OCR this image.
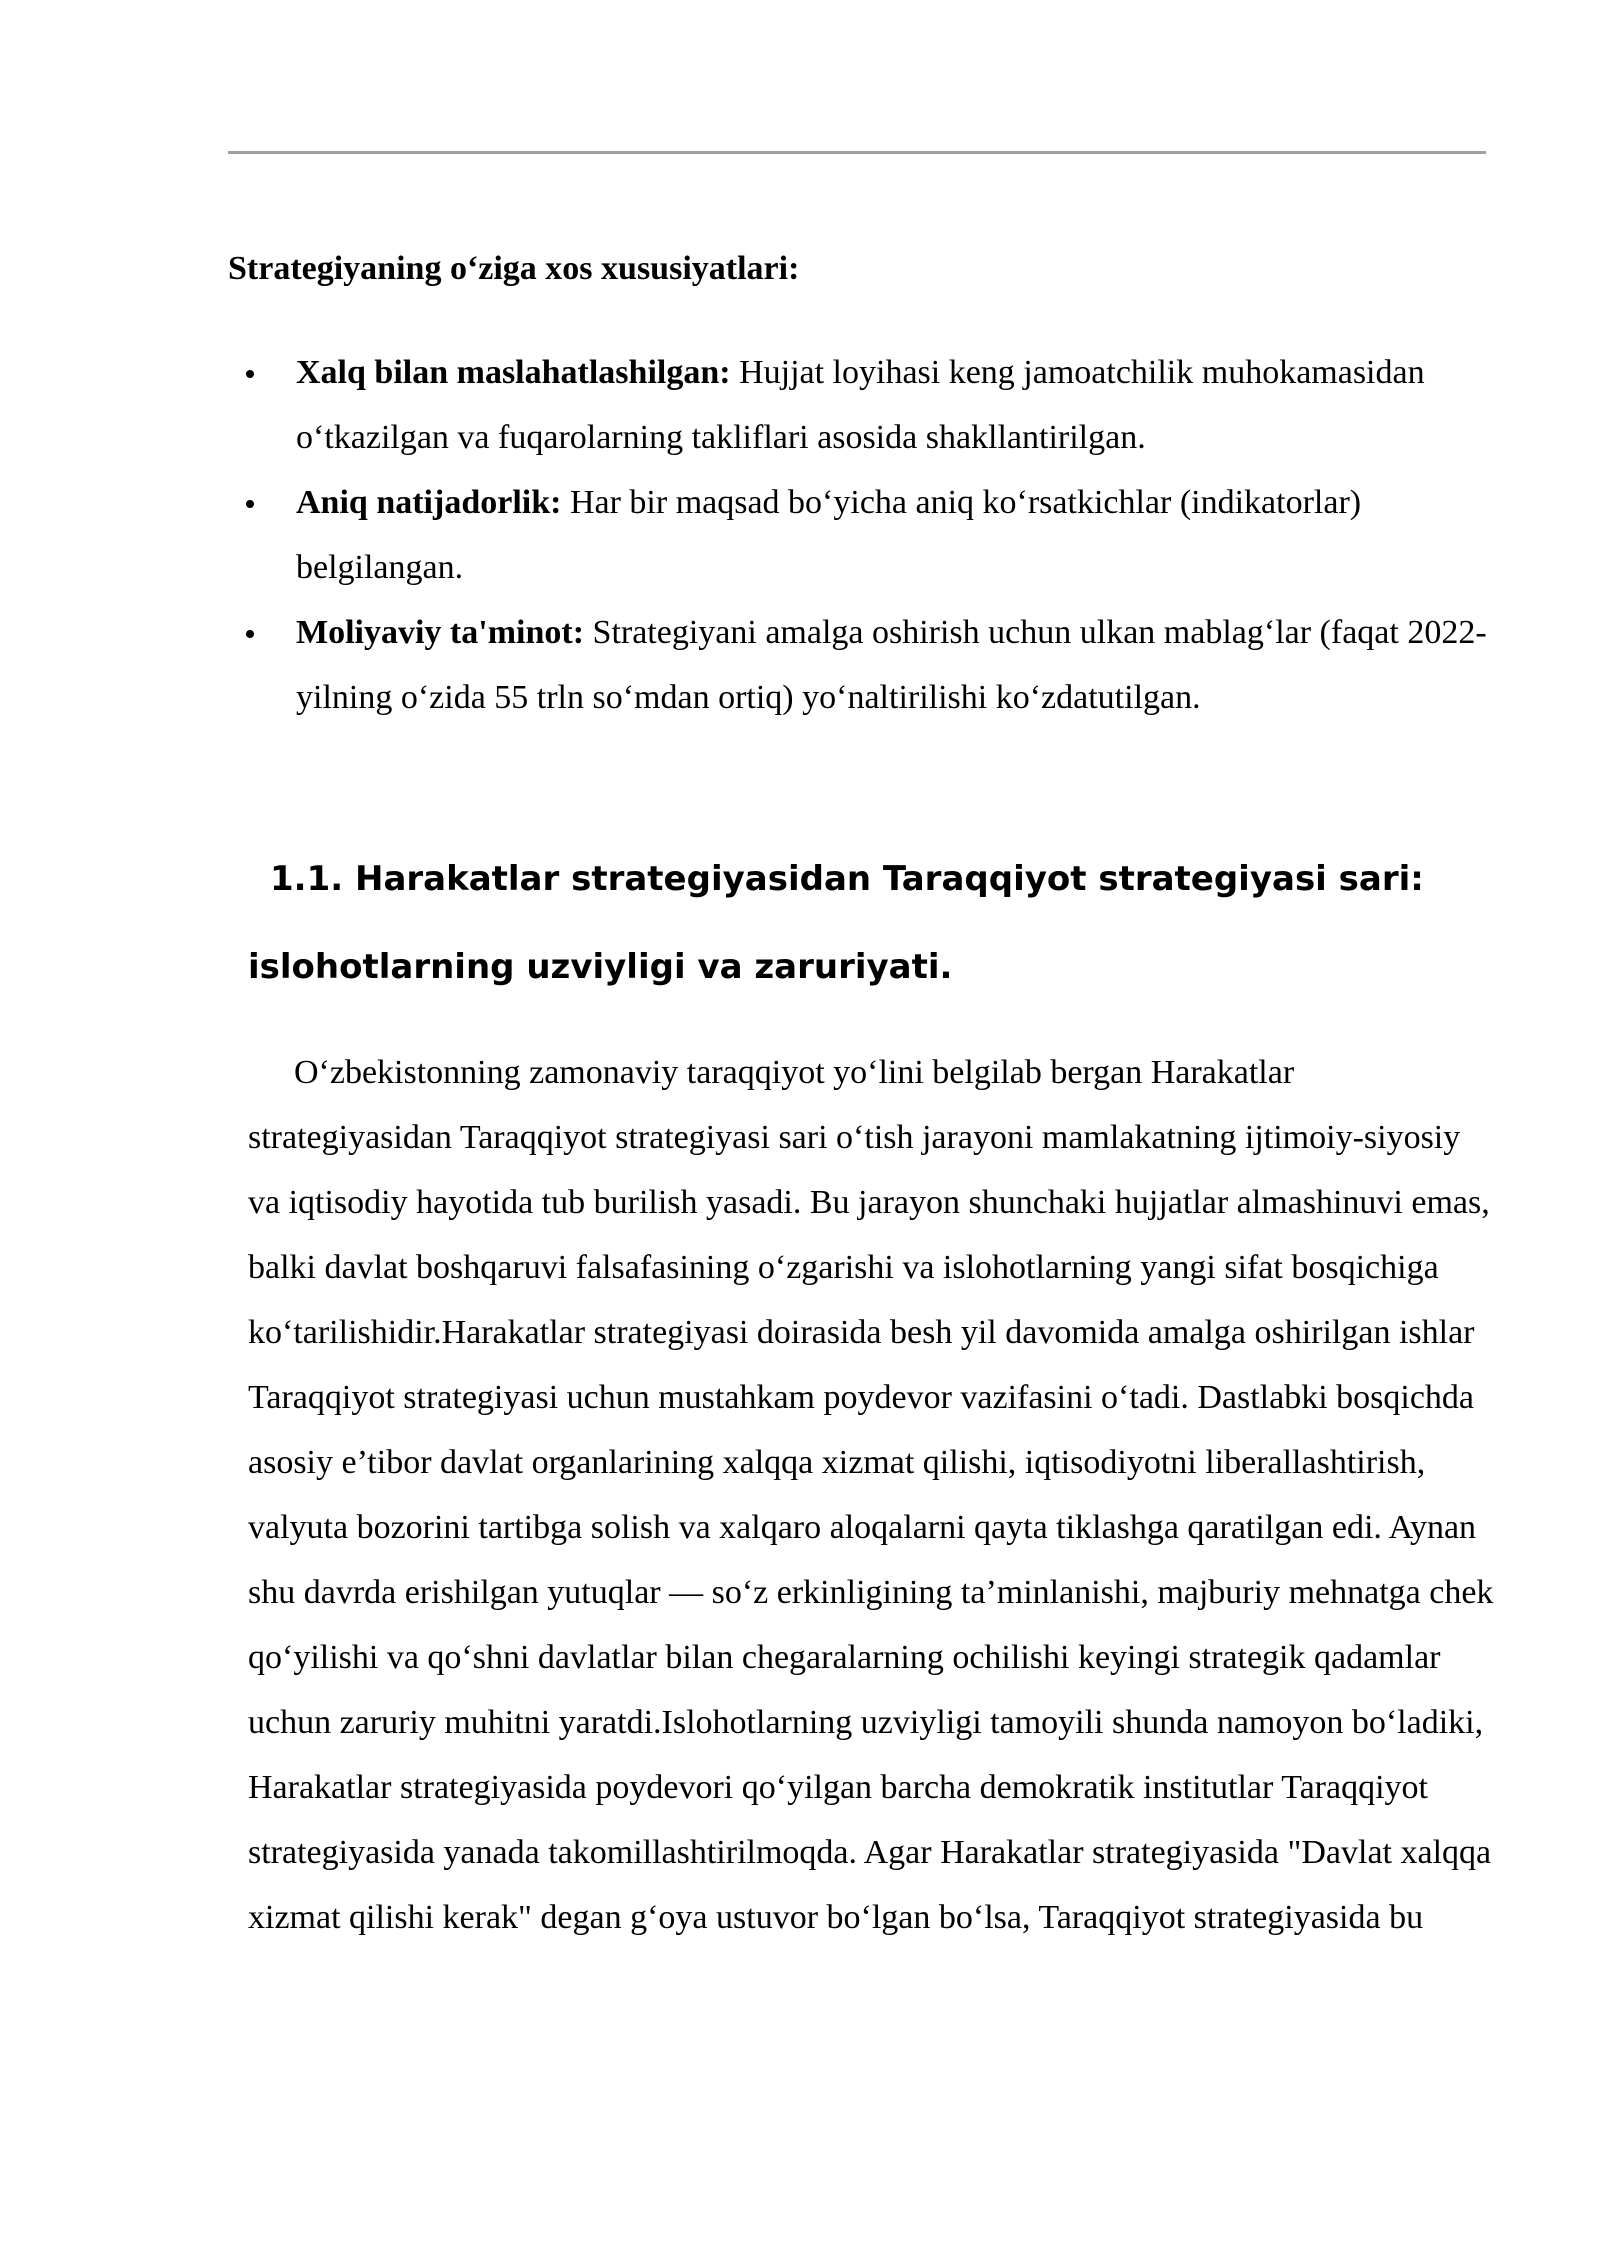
Strategiyaning o‘ziga xos xususiyatlari:

Xalq bilan maslahatlashilgan: Hujjat loyihasi keng jamoatchilik muhokamasidan o‘tkazilgan va fuqarolarning takliflari asosida shakllantirilgan.
Aniq natijadorlik: Har bir maqsad bo‘yicha aniq ko‘rsatkichlar (indikatorlar) belgilangan.
Moliyaviy ta'minot: Strategiyani amalga oshirish uchun ulkan mablag‘lar (faqat 2022-yilning o‘zida 55 trln so‘mdan ortiq) yo‘naltirilishi ko‘zdatutilgan.
1.1. Harakatlar strategiyasidan Taraqqiyot strategiyasi sari: islohotlarning uzviyligi va zaruriyati.

O‘zbekistonning zamonaviy taraqqiyot yo‘lini belgilab bergan Harakatlar strategiyasidan Taraqqiyot strategiyasi sari o‘tish jarayoni mamlakatning ijtimoiy-siyosiy va iqtisodiy hayotida tub burilish yasadi. Bu jarayon shunchaki hujjatlar almashinuvi emas, balki davlat boshqaruvi falsafasining o‘zgarishi va islohotlarning yangi sifat bosqichiga ko‘tarilishidir.Harakatlar strategiyasi doirasida besh yil davomida amalga oshirilgan ishlar Taraqqiyot strategiyasi uchun mustahkam poydevor vazifasini o‘tadi. Dastlabki bosqichda asosiy e’tibor davlat organlarining xalqqa xizmat qilishi, iqtisodiyotni liberallashtirish, valyuta bozorini tartibga solish va xalqaro aloqalarni qayta tiklashga qaratilgan edi. Aynan shu davrda erishilgan yutuqlar — so‘z erkinligining ta’minlanishi, majburiy mehnatga chek qo‘yilishi va qo‘shni davlatlar bilan chegaralarning ochilishi keyingi strategik qadamlar uchun zaruriy muhitni yaratdi.Islohotlarning uzviyligi tamoyili shunda namoyon bo‘ladiki, Harakatlar strategiyasida poydevori qo‘yilgan barcha demokratik institutlar Taraqqiyot strategiyasida yanada takomillashtirilmoqda. Agar Harakatlar strategiyasida "Davlat xalqqa xizmat qilishi kerak" degan g‘oya ustuvor bo‘lgan bo‘lsa, Taraqqiyot strategiyasida bu
